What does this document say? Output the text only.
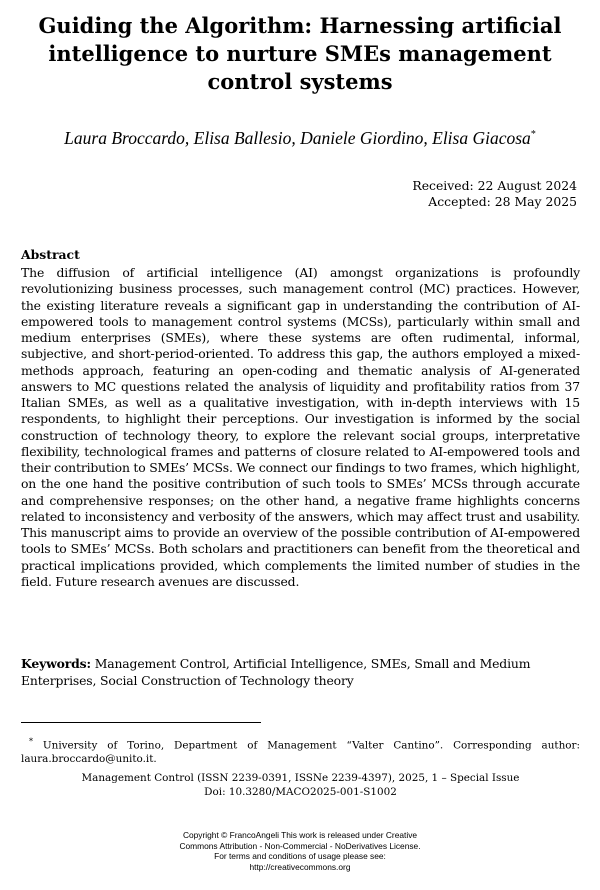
Guiding the Algorithm: Harnessing artificial intelligence to nurture SMEs management control systems

Laura Broccardo, Elisa Ballesio, Daniele Giordino, Elisa Giacosa*

Received: 22 August 2024
Accepted: 28 May 2025
Abstract

The diffusion of artificial intelligence (AI) amongst organizations is profoundly revolutionizing business processes, such management control (MC) practices. However, the existing literature reveals a significant gap in understanding the contribution of AI-empowered tools to management control systems (MCSs), particularly within small and medium enterprises (SMEs), where these systems are often rudimental, informal, subjective, and short-period-oriented. To address this gap, the authors employed a mixed-methods approach, featuring an open-coding and thematic analysis of AI-generated answers to MC questions related the analysis of liquidity and profitability ratios from 37 Italian SMEs, as well as a qualitative investigation, with in-depth interviews with 15 respondents, to highlight their perceptions. Our investigation is informed by the social construction of technology theory, to explore the relevant social groups, interpretative flexibility, technological frames and patterns of closure related to AI-empowered tools and their contribution to SMEs’ MCSs. We connect our findings to two frames, which highlight, on the one hand the positive contribution of such tools to SMEs’ MCSs through accurate and comprehensive responses; on the other hand, a negative frame highlights concerns related to inconsistency and verbosity of the answers, which may affect trust and usability. This manuscript aims to provide an overview of the possible contribution of AI-empowered tools to SMEs’ MCSs. Both scholars and practitioners can benefit from the theoretical and practical implications provided, which complements the limited number of studies in the field. Future research avenues are discussed.

Keywords: Management Control, Artificial Intelligence, SMEs, Small and Medium Enterprises, Social Construction of Technology theory

* University of Torino, Department of Management “Valter Cantino”. Corresponding author: laura.broccardo@unito.it.

Management Control (ISSN 2239-0391, ISSNe 2239-4397), 2025, 1 – Special Issue
Doi: 10.3280/MACO2025-001-S1002
Copyright © FrancoAngeli This work is released under Creative
Commons Attribution - Non-Commercial - NoDerivatives License.
For terms and conditions of usage please see:
http://creativecommons.org
